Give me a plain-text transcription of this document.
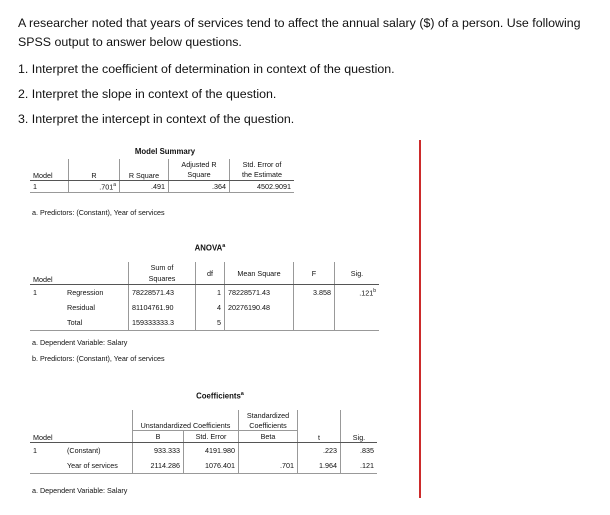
A researcher noted that years of services tend to affect the annual salary ($) of a person. Use following SPSS output to answer below questions.
1. Interpret the coefficient of determination in context of the question.
2. Interpret the slope in context of the question.
3. Interpret the intercept in context of the question.
Model Summary
Model	R	R Square	Adjusted R	Std. Error of
			Square	the Estimate
1	.701$^a$	.491	.364	4502.9091
a. Predictors: (Constant), Year of services
ANOVA$^a$
Model		Sum of	df	Mean Square	F	Sig.
		Squares				
1	Regression	78228571.43	1	78228571.43	3.858	.121$^b$
	Residual	81104761.90	4	20276190.48		
	Total	159333333.3	5			
a. Dependent Variable: Salary
b. Predictors: (Constant), Year of services
Coefficients$^a$
Model		Unstandardized Coefficients		Standardized	t	Sig.
				Coefficients		
		B	Std. Error	Beta		
1	(Constant)	933.333	4191.980		.223	.835
	Year of services	2114.286	1076.401	.701	1.964	.121
a. Dependent Variable: Salary
